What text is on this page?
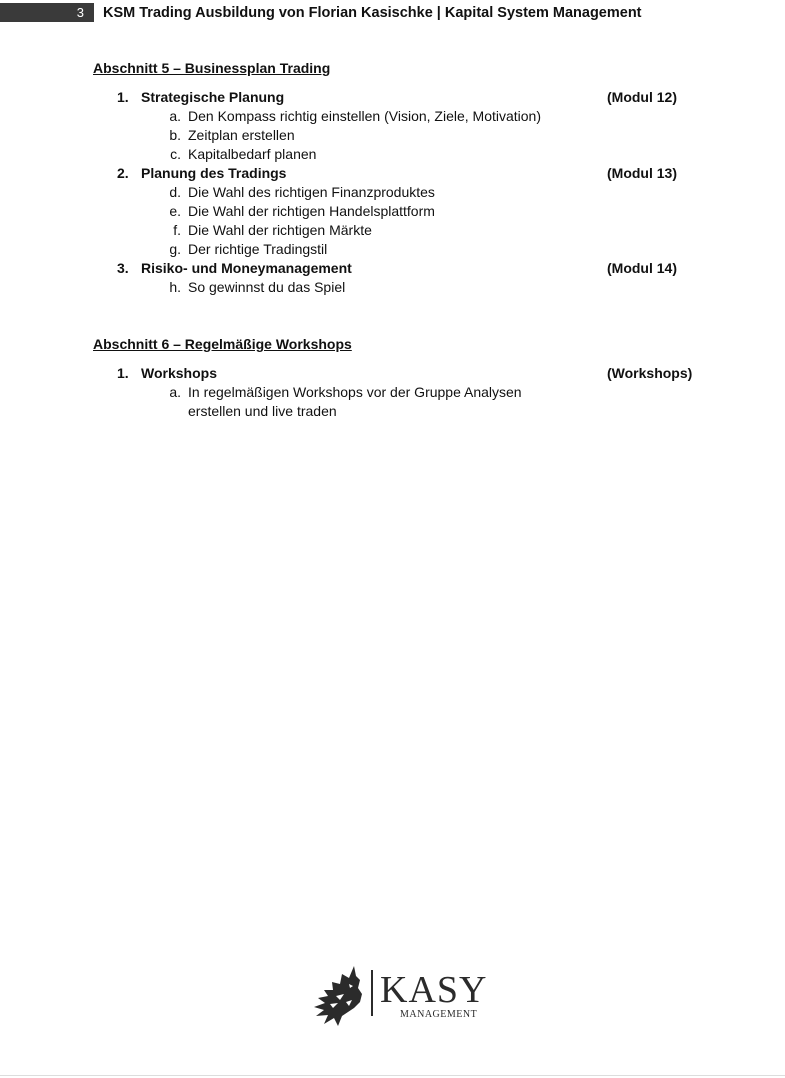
3 KSM Trading Ausbildung von Florian Kasischke | Kapital System Management
Abschnitt 5 – Businessplan Trading
1. Strategische Planung	(Modul 12)
a. Den Kompass richtig einstellen (Vision, Ziele, Motivation)
b. Zeitplan erstellen
c. Kapitalbedarf planen
2. Planung des Tradings	(Modul 13)
d. Die Wahl des richtigen Finanzproduktes
e. Die Wahl der richtigen Handelsplattform
f. Die Wahl der richtigen Märkte
g. Der richtige Tradingstil
3. Risiko- und Moneymanagement	(Modul 14)
h. So gewinnst du das Spiel
Abschnitt 6 – Regelmäßige Workshops
1. Workshops	(Workshops)
a. In regelmäßigen Workshops vor der Gruppe Analysen
erstellen und live traden
KASY
MANAGEMENT
